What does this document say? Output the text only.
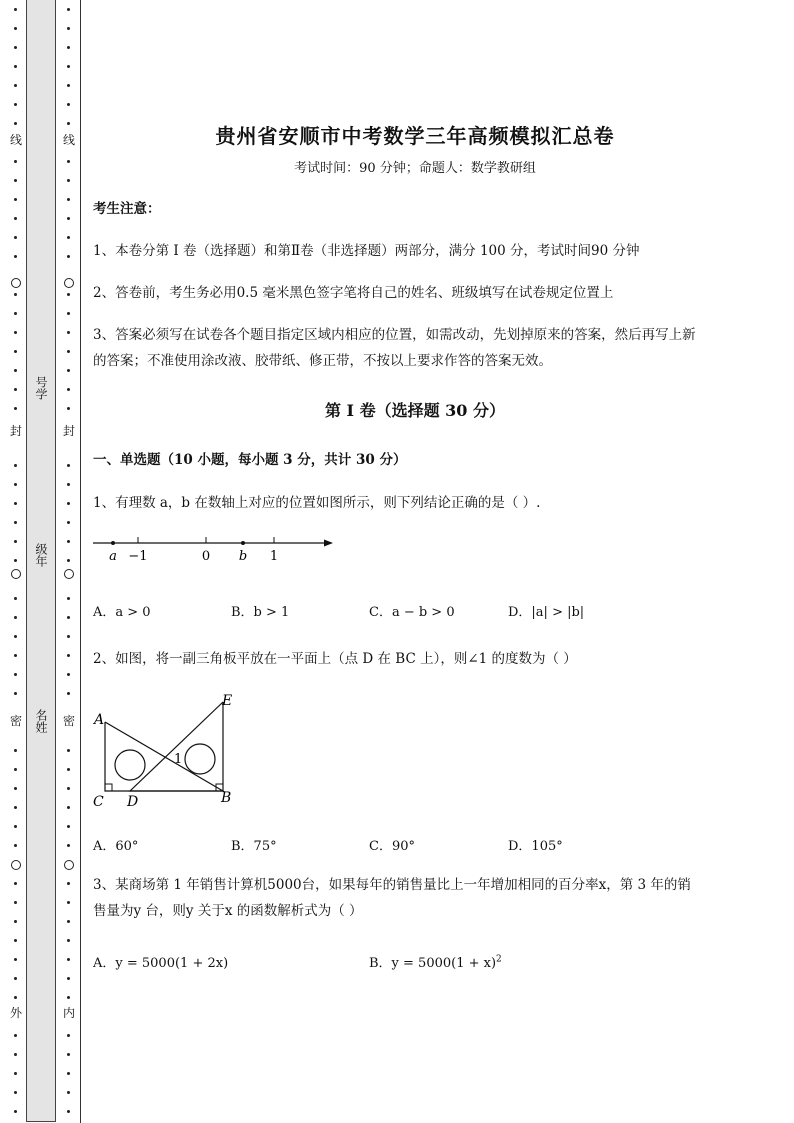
线
封
密
外
号学
级年
名姓
线
封
密
内
贵州省安顺市中考数学三年高频模拟汇总卷
考试时间：90 分钟；命题人：数学教研组
考生注意：
1、本卷分第 I 卷（选择题）和第Ⅱ卷（非选择题）两部分，满分 100 分，考试时间90 分钟
2、答卷前，考生务必用0.5 毫米黑色签字笔将自己的姓名、班级填写在试卷规定位置上
3、答案必须写在试卷各个题目指定区域内相应的位置，如需改动，先划掉原来的答案，然后再写上新
的答案；不准使用涂改液、胶带纸、修正带，不按以上要求作答的答案无效。
第 I 卷（选择题 30 分）
一、单选题（10 小题，每小题 3 分，共计 30 分）
1、有理数 a，b 在数轴上对应的位置如图所示，则下列结论正确的是（ ）.
a −1	0 b 1
A．a > 0	B．b > 1	C．a − b > 0	D．|a| > |b|
2、如图，将一副三角板平放在一平面上（点 D 在 BC 上），则∠1 的度数为（ ）
A
E
C D	B
1
A．60°	B．75°	C．90°	D．105°
3、某商场第 1 年销售计算机5000台，如果每年的销售量比上一年增加相同的百分率x，第 3 年的销
售量为y 台，则y 关于x 的函数解析式为（ ）
A．y = 5000(1 + 2x)	B．$y = 5000(1 + x)^2$
